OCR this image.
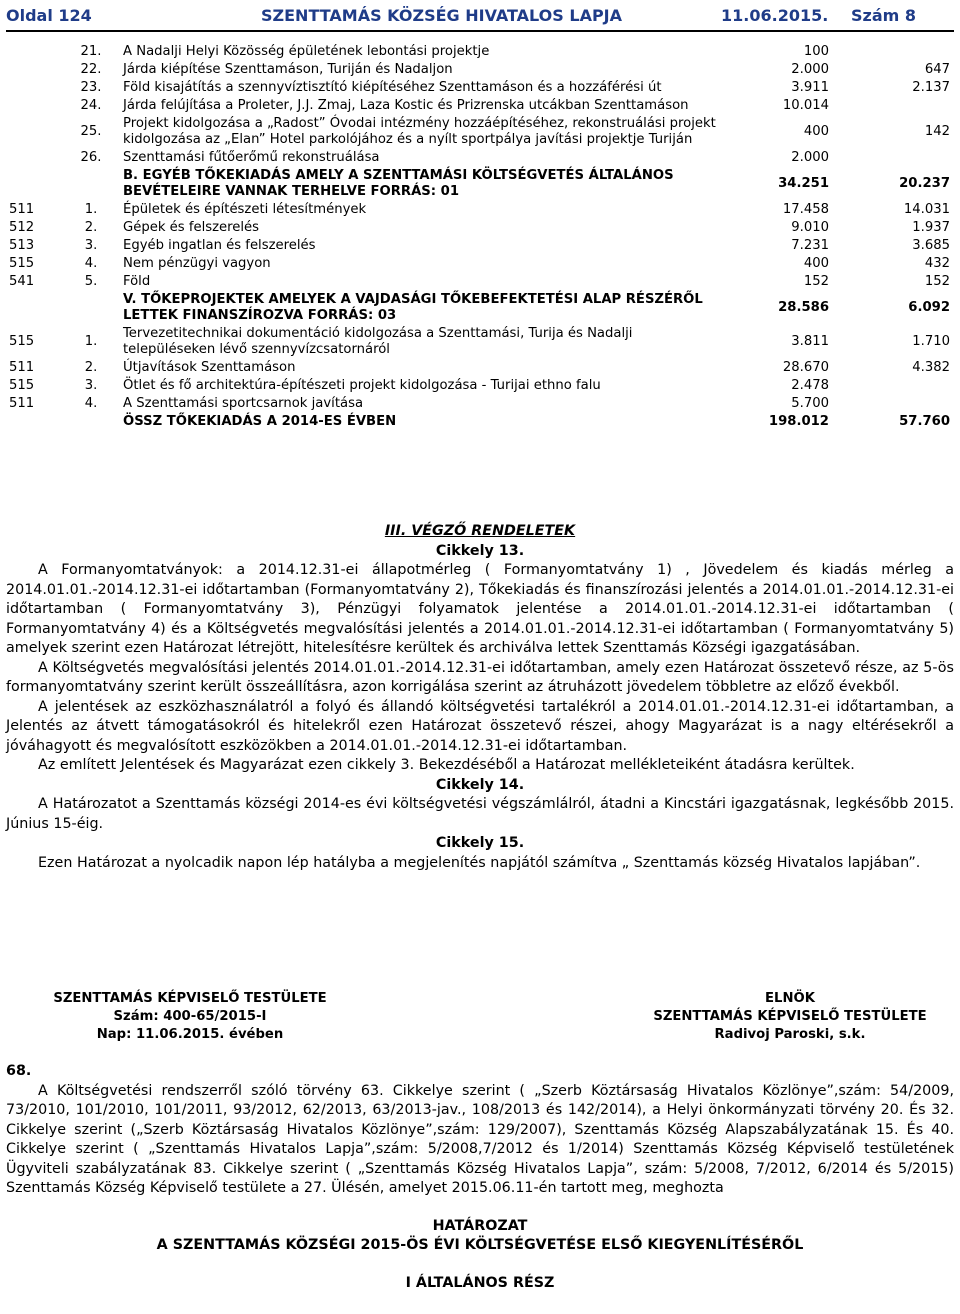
Oldal 124	SZENTTAMÁS KÖZSÉG HIVATALOS LAPJA	11.06.2015. Szám 8
	21.	A Nadalji Helyi Közösség épületének lebontási projektje	100	
	22.	Járda kiépítése Szenttamáson, Turiján és Nadaljon	2.000	647
	23.	Föld kisajátítás a szennyvíztisztító kiépítéséhez Szenttamáson és a hozzáférési út	3.911	2.137
	24.	Járda felújítása a Proleter, J.J. Zmaj, Laza Kostic és Prizrenska utcákban Szenttamáson	10.014	
	25.	Projekt kidolgozása a „Radost” Óvodai intézmény hozzáépítéséhez, rekonstruálási projekt kidolgozása az „Elan” Hotel parkolójához és a nyílt sportpálya javítási projektje Turiján	400	142
	26.	Szenttamási fűtőerőmű rekonstruálása	2.000	
		B. EGYÉB TŐKEKIADÁS AMELY A SZENTTAMÁSI KÖLTSÉGVETÉS ÁLTALÁNOS BEVÉTELEIRE VANNAK TERHELVE FORRÁS: 01	34.251	20.237
511	1.	Épületek és építészeti létesítmények	17.458	14.031
512	2.	Gépek és felszerelés	9.010	1.937
513	3.	Egyéb ingatlan és felszerelés	7.231	3.685
515	4.	Nem pénzügyi vagyon	400	432
541	5.	Föld	152	152
		V. TŐKEPROJEKTEK AMELYEK A VAJDASÁGI TŐKEBEFEKTETÉSI ALAP RÉSZÉRŐL LETTEK FINANSZÍROZVA FORRÁS: 03	28.586	6.092
515	1.	Tervezetitechnikai dokumentáció kidolgozása a Szenttamási, Turija és Nadalji településeken lévő szennyvízcsatornáról	3.811	1.710
511	2.	Útjavítások Szenttamáson	28.670	4.382
515	3.	Ötlet és fő architektúra-építészeti projekt kidolgozása - Turijai ethno falu	2.478	
511	4.	A Szenttamási sportcsarnok javítása	5.700	
		ÖSSZ TŐKEKIADÁS A 2014-ES ÉVBEN	198.012	57.760

III. VÉGZŐ RENDELETEK

Cikkely 13.

A Formanyomtatványok: a 2014.12.31-ei állapotmérleg ( Formanyomtatvány 1) , Jövedelem és kiadás mérleg a 2014.01.01.-2014.12.31-ei időtartamban (Formanyomtatvány 2), Tőkekiadás és finanszírozási jelentés a 2014.01.01.-2014.12.31-ei időtartamban ( Formanyomtatvány 3), Pénzügyi folyamatok jelentése a 2014.01.01.-2014.12.31-ei időtartamban ( Formanyomtatvány 4) és a Költségvetés megvalósítási jelentés a 2014.01.01.-2014.12.31-ei időtartamban ( Formanyomtatvány 5) amelyek szerint ezen Határozat létrejött, hitelesítésre kerültek és archiválva lettek Szenttamás Községi igazgatásában.

A Költségvetés megvalósítási jelentés 2014.01.01.-2014.12.31-ei időtartamban, amely ezen Határozat összetevő része, az 5-ös formanyomtatvány szerint került összeállításra, azon korrigálása szerint az átruházott jövedelem többletre az előző évekből.

A jelentések az eszközhasználatról a folyó és állandó költségvetési tartalékról a 2014.01.01.-2014.12.31-ei időtartamban, a Jelentés az átvett támogatásokról és hitelekről ezen Határozat összetevő részei, ahogy Magyarázat is a nagy eltérésekről a jóváhagyott és megvalósított eszközökben a 2014.01.01.-2014.12.31-ei időtartamban.

Az említett Jelentések és Magyarázat ezen cikkely 3. Bekezdéséből a Határozat mellékleteiként átadásra kerültek.

Cikkely 14.

A Határozatot a Szenttamás községi 2014-es évi költségvetési végszámlálról, átadni a Kincstári igazgatásnak, legkésőbb 2015. Június 15-éig.

Cikkely 15.

Ezen Határozat a nyolcadik napon lép hatályba a megjelenítés napjától számítva „ Szenttamás község Hivatalos lapjában”.

SZENTTAMÁS KÉPVISELŐ TESTÜLETE
Szám: 400-65/2015-I
Nap: 11.06.2015. évében
ELNÖK
SZENTTAMÁS KÉPVISELŐ TESTÜLETE
Radivoj Paroski, s.k.

68.

A Költségvetési rendszerről szóló törvény 63. Cikkelye szerint ( „Szerb Köztársaság Hivatalos Közlönye”,szám: 54/2009, 73/2010, 101/2010, 101/2011, 93/2012, 62/2013, 63/2013-jav., 108/2013 és 142/2014), a Helyi önkormányzati törvény 20. És 32. Cikkelye szerint („Szerb Köztársaság Hivatalos Közlönye”,szám: 129/2007), Szenttamás Község Alapszabályzatának 15. És 40. Cikkelye szerint ( „Szenttamás Hivatalos Lapja”,szám: 5/2008,7/2012 és 1/2014) Szenttamás Község Képviselő testületének Ügyviteli szabályzatának 83. Cikkelye szerint ( „Szenttamás Község Hivatalos Lapja”, szám: 5/2008, 7/2012, 6/2014 és 5/2015) Szenttamás Község Képviselő testülete a 27. Ülésén, amelyet 2015.06.11-én tartott meg, meghozta

HATÁROZAT

A SZENTTAMÁS KÖZSÉGI 2015-ÖS ÉVI KÖLTSÉGVETÉSE ELSŐ KIEGYENLÍTÉSÉRŐL

I ÁLTALÁNOS RÉSZ
